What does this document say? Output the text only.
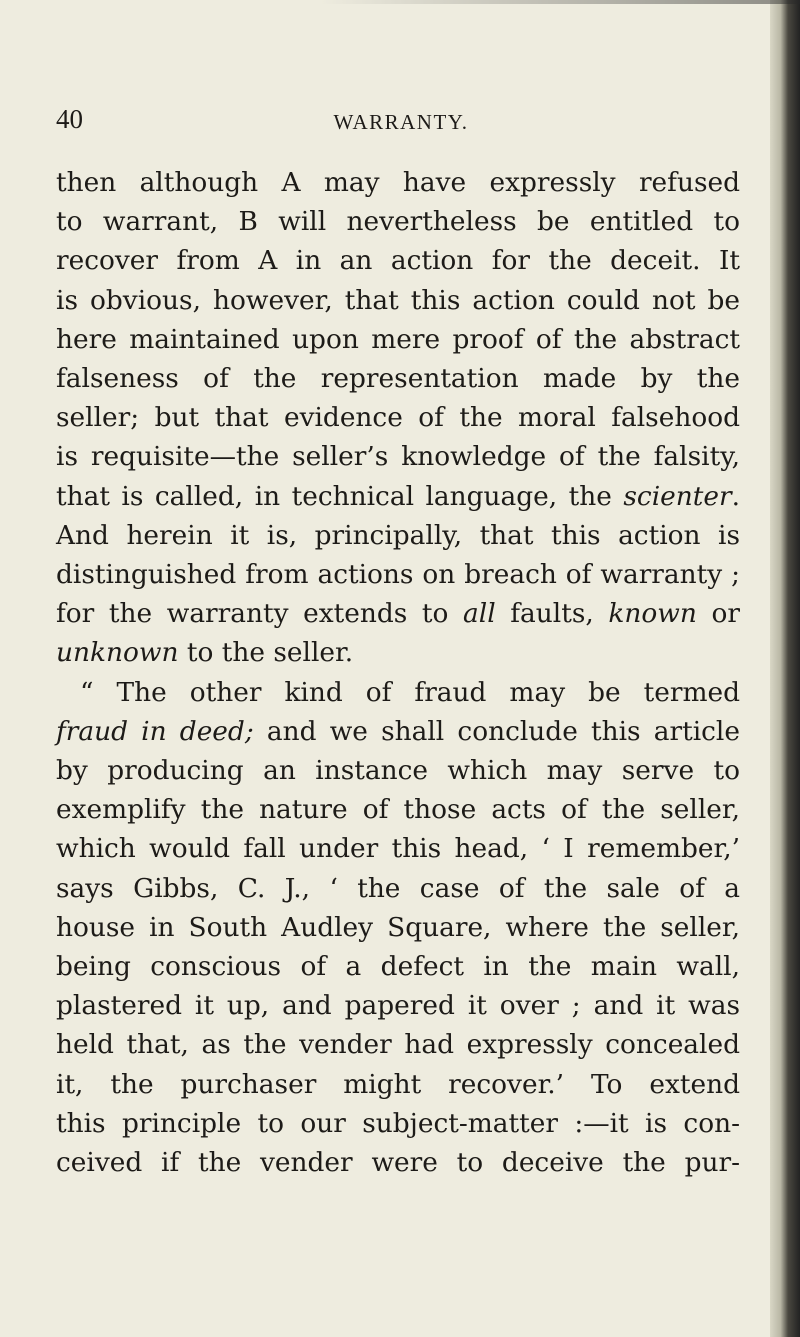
40	WARRANTY.
then although A may have expressly refused
to warrant, B will nevertheless be entitled to
recover from A in an action for the deceit. It
is obvious, however, that this action could not be
here maintained upon mere proof of the abstract
falseness of the representation made by the
seller; but that evidence of the moral falsehood
is requisite—the seller’s knowledge of the falsity,
that is called, in technical language, the scienter.
And herein it is, principally, that this action is
distinguished from actions on breach of warranty ;
for the warranty extends to all faults, known or
unknown to the seller.
“ The other kind of fraud may be termed
fraud in deed; and we shall conclude this article
by producing an instance which may serve to
exemplify the nature of those acts of the seller,
which would fall under this head, ‘ I remember,’
says Gibbs, C. J., ‘ the case of the sale of a
house in South Audley Square, where the seller,
being conscious of a defect in the main wall,
plastered it up, and papered it over ; and it was
held that, as the vender had expressly concealed
it, the purchaser might recover.’ To extend
this principle to our subject-matter :—it is con-
ceived if the vender were to deceive the pur-
